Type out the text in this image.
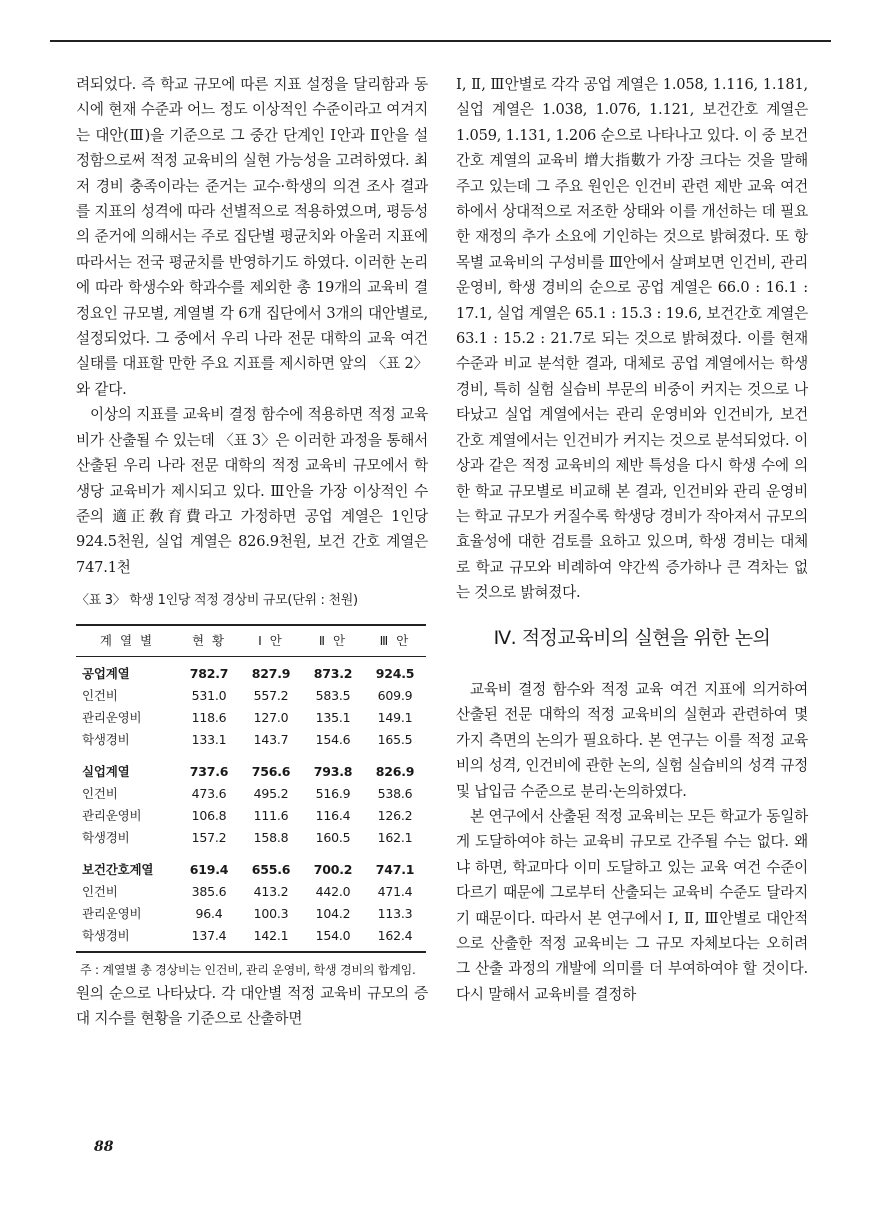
려되었다. 즉 학교 규모에 따른 지표 설정을 달리함과 동시에 현재 수준과 어느 정도 이상적인 수준이라고 여겨지는 대안(Ⅲ)을 기준으로 그 중간 단계인 Ⅰ안과 Ⅱ안을 설정함으로써 적정 교육비의 실현 가능성을 고려하였다. 최저 경비 충족이라는 준거는 교수·학생의 의견 조사 결과를 지표의 성격에 따라 선별적으로 적용하였으며, 평등성의 준거에 의해서는 주로 집단별 평균치와 아울러 지표에 따라서는 전국 평균치를 반영하기도 하였다. 이러한 논리에 따라 학생수와 학과수를 제외한 총 19개의 교육비 결정요인 규모별, 계열별 각 6개 집단에서 3개의 대안별로, 설정되었다. 그 중에서 우리 나라 전문 대학의 교육 여건 실태를 대표할 만한 주요 지표를 제시하면 앞의 〈표 2〉와 같다.

이상의 지표를 교육비 결정 함수에 적용하면 적정 교육비가 산출될 수 있는데 〈표 3〉은 이러한 과정을 통해서 산출된 우리 나라 전문 대학의 적정 교육비 규모에서 학생당 교육비가 제시되고 있다. Ⅲ안을 가장 이상적인 수준의 適正敎育費라고 가정하면 공업 계열은 1인당 924.5천원, 실업 계열은 826.9천원, 보건 간호 계열은 747.1천

〈표 3〉 학생 1인당 적정 경상비 규모(단위 : 천원)
계 열 별	현 황	Ⅰ 안	Ⅱ 안	Ⅲ 안
공업계열	782.7	827.9	873.2	924.5
인건비	531.0	557.2	583.5	609.9
관리운영비	118.6	127.0	135.1	149.1
학생경비	133.1	143.7	154.6	165.5

실업계열	737.6	756.6	793.8	826.9
인건비	473.6	495.2	516.9	538.6
관리운영비	106.8	111.6	116.4	126.2
학생경비	157.2	158.8	160.5	162.1

보건간호계열	619.4	655.6	700.2	747.1
인건비	385.6	413.2	442.0	471.4
관리운영비	96.4	100.3	104.2	113.3
학생경비	137.4	142.1	154.0	162.4

주 : 계열별 총 경상비는 인건비, 관리 운영비, 학생 경비의 합계임.

원의 순으로 나타났다. 각 대안별 적정 교육비 규모의 증대 지수를 현황을 기준으로 산출하면

Ⅰ, Ⅱ, Ⅲ안별로 각각 공업 계열은 1.058, 1.116, 1.181, 실업 계열은 1.038, 1.076, 1.121, 보건간호 계열은 1.059, 1.131, 1.206 순으로 나타나고 있다. 이 중 보건 간호 계열의 교육비 增大指數가 가장 크다는 것을 말해주고 있는데 그 주요 원인은 인건비 관련 제반 교육 여건 하에서 상대적으로 저조한 상태와 이를 개선하는 데 필요한 재정의 추가 소요에 기인하는 것으로 밝혀졌다. 또 항목별 교육비의 구성비를 Ⅲ안에서 살펴보면 인건비, 관리 운영비, 학생 경비의 순으로 공업 계열은 66.0 : 16.1 : 17.1, 실업 계열은 65.1 : 15.3 : 19.6, 보건간호 계열은 63.1 : 15.2 : 21.7로 되는 것으로 밝혀졌다. 이를 현재 수준과 비교 분석한 결과, 대체로 공업 계열에서는 학생 경비, 특히 실험 실습비 부문의 비중이 커지는 것으로 나타났고 실업 계열에서는 관리 운영비와 인건비가, 보건 간호 계열에서는 인건비가 커지는 것으로 분석되었다. 이상과 같은 적정 교육비의 제반 특성을 다시 학생 수에 의한 학교 규모별로 비교해 본 결과, 인건비와 관리 운영비는 학교 규모가 커질수록 학생당 경비가 작아져서 규모의 효율성에 대한 검토를 요하고 있으며, 학생 경비는 대체로 학교 규모와 비례하여 약간씩 증가하나 큰 격차는 없는 것으로 밝혀졌다.

Ⅳ. 적정교육비의 실현을 위한 논의

교육비 결정 함수와 적정 교육 여건 지표에 의거하여 산출된 전문 대학의 적정 교육비의 실현과 관련하여 몇 가지 측면의 논의가 필요하다. 본 연구는 이를 적정 교육비의 성격, 인건비에 관한 논의, 실험 실습비의 성격 규정 및 납입금 수준으로 분리·논의하였다.

본 연구에서 산출된 적정 교육비는 모든 학교가 동일하게 도달하여야 하는 교육비 규모로 간주될 수는 없다. 왜냐 하면, 학교마다 이미 도달하고 있는 교육 여건 수준이 다르기 때문에 그로부터 산출되는 교육비 수준도 달라지기 때문이다. 따라서 본 연구에서 Ⅰ, Ⅱ, Ⅲ안별로 대안적으로 산출한 적정 교육비는 그 규모 자체보다는 오히려 그 산출 과정의 개발에 의미를 더 부여하여야 할 것이다. 다시 말해서 교육비를 결정하

88
